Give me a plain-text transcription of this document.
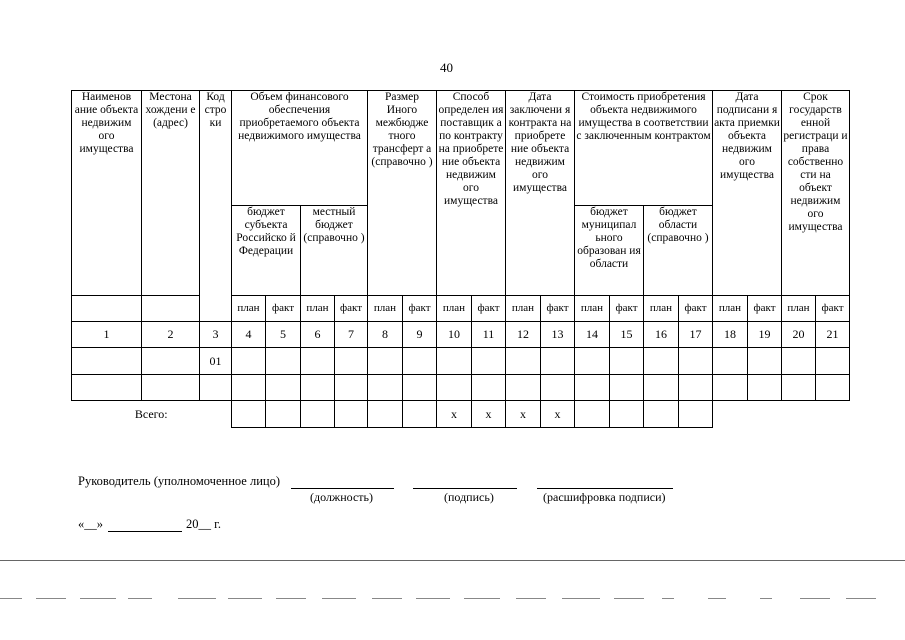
40
Наименов ание объекта недвижим ого имущества	Местона хождени е (адрес)	Код стро ки	Объем финансового обеспечения приобретаемого объекта недвижимого имущества				Размер Иного межбюдже тного трансферт а (справочно )		Способ определен ия поставщик а по контракту на приобрете ние объекта недвижим ого имущества		Дата заключени я контракта на приобрете ние объекта недвижим ого имущества		Стоимость приобретения объекта недвижимого имущества в соответствии с заключенным контрактом				Дата подписани я акта приемки объекта недвижим ого имущества		Срок государств енной регистраци и права собственно сти на объект недвижим ого имущества	
			бюджет субъекта Российско й Федерации		местный бюджет (справочно )								бюджет муниципал ьного образован ия области		бюджет области (справочно )					
			план	факт	план	факт	план	факт	план	факт	план	факт	план	факт	план	факт	план	факт	план	факт
1	2	3	4	5	6	7	8	9	10	11	12	13	14	15	16	17	18	19	20	21
		01																		

Всего:									x	x	x	x								
Руководитель (уполномоченное лицо)
(должность)	(подпись)	(расшифровка подписи)
«__»	20__ г.
